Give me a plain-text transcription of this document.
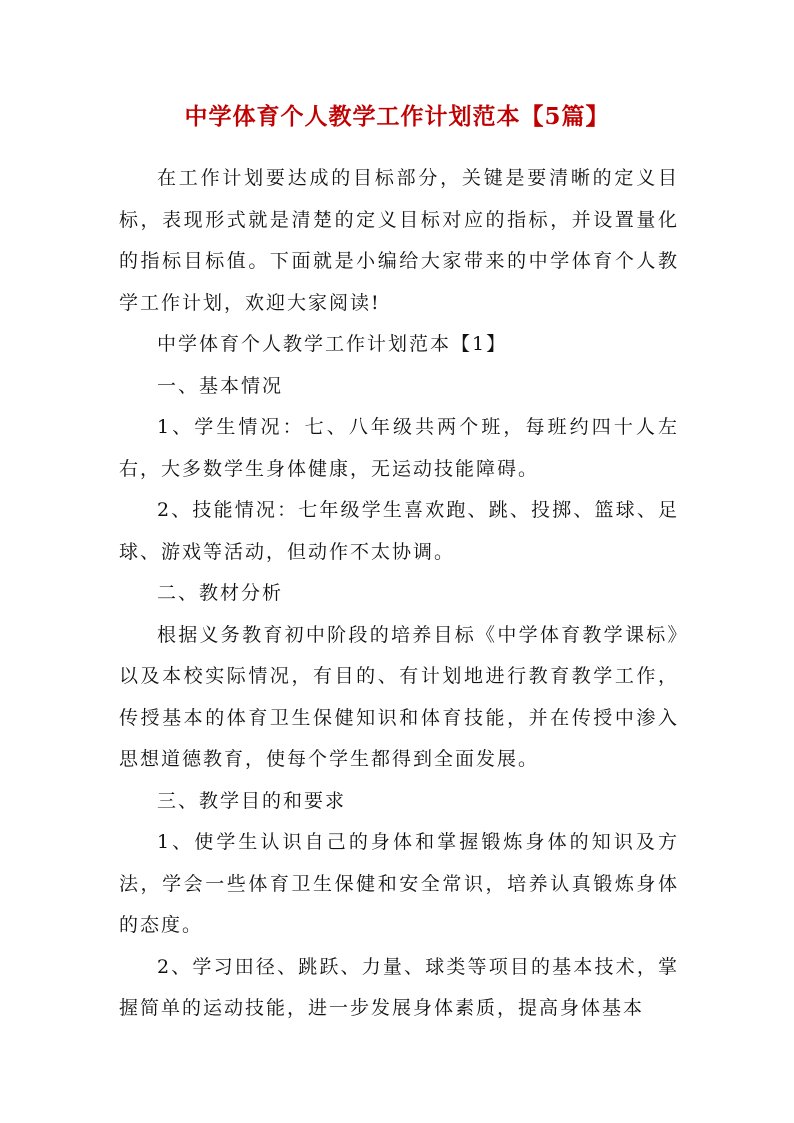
中学体育个人教学工作计划范本【5篇】

在工作计划要达成的目标部分，关键是要清晰的定义目标，表现形式就是清楚的定义目标对应的指标，并设置量化的指标目标值。下面就是小编给大家带来的中学体育个人教学工作计划，欢迎大家阅读!

中学体育个人教学工作计划范本【1】

一、基本情况

1、学生情况：七、八年级共两个班，每班约四十人左右，大多数学生身体健康，无运动技能障碍。

2、技能情况：七年级学生喜欢跑、跳、投掷、篮球、足球、游戏等活动，但动作不太协调。

二、教材分析

根据义务教育初中阶段的培养目标《中学体育教学课标》以及本校实际情况，有目的、有计划地进行教育教学工作，传授基本的体育卫生保健知识和体育技能，并在传授中渗入思想道德教育，使每个学生都得到全面发展。

三、教学目的和要求

1、使学生认识自己的身体和掌握锻炼身体的知识及方法，学会一些体育卫生保健和安全常识，培养认真锻炼身体的态度。

2、学习田径、跳跃、力量、球类等项目的基本技术，掌握简单的运动技能，进一步发展身体素质，提高身体基本
